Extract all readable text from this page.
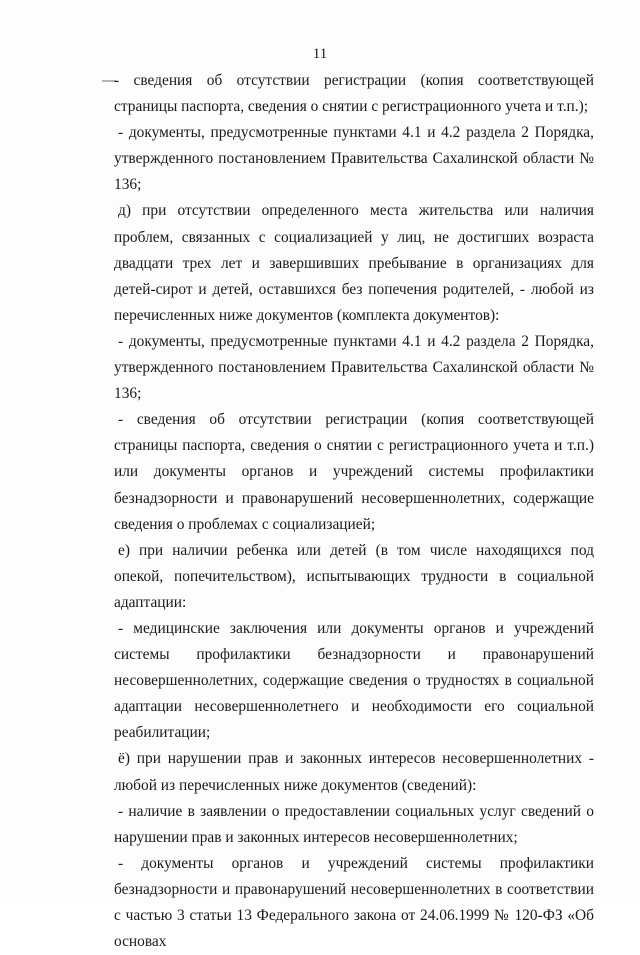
11

- сведения об отсутствии регистрации (копия соответствующей страницы паспорта, сведения о снятии с регистрационного учета и т.п.);

- документы, предусмотренные пунктами 4.1 и 4.2 раздела 2 Порядка, утвержденного постановлением Правительства Сахалинской области № 136;

д) при отсутствии определенного места жительства или наличия проблем, связанных с социализацией у лиц, не достигших возраста двадцати трех лет и завершивших пребывание в организациях для детей-сирот и детей, оставшихся без попечения родителей, - любой из перечисленных ниже документов (комплекта документов):

- документы, предусмотренные пунктами 4.1 и 4.2 раздела 2 Порядка, утвержденного постановлением Правительства Сахалинской области № 136;

- сведения об отсутствии регистрации (копия соответствующей страницы паспорта, сведения о снятии с регистрационного учета и т.п.) или документы органов и учреждений системы профилактики безнадзорности и правонарушений несовершеннолетних, содержащие сведения о проблемах с социализацией;

е) при наличии ребенка или детей (в том числе находящихся под опекой, попечительством), испытывающих трудности в социальной адаптации:

- медицинские заключения или документы органов и учреждений системы профилактики безнадзорности и правонарушений несовершеннолетних, содержащие сведения о трудностях в социальной адаптации несовершеннолетнего и необходимости его социальной реабилитации;

ё) при нарушении прав и законных интересов несовершеннолетних - любой из перечисленных ниже документов (сведений):

- наличие в заявлении о предоставлении социальных услуг сведений о нарушении прав и законных интересов несовершеннолетних;

- документы органов и учреждений системы профилактики безнадзорности и правонарушений несовершеннолетних в соответствии с частью 3 статьи 13 Федерального закона от 24.06.1999 № 120-ФЗ «Об основах
